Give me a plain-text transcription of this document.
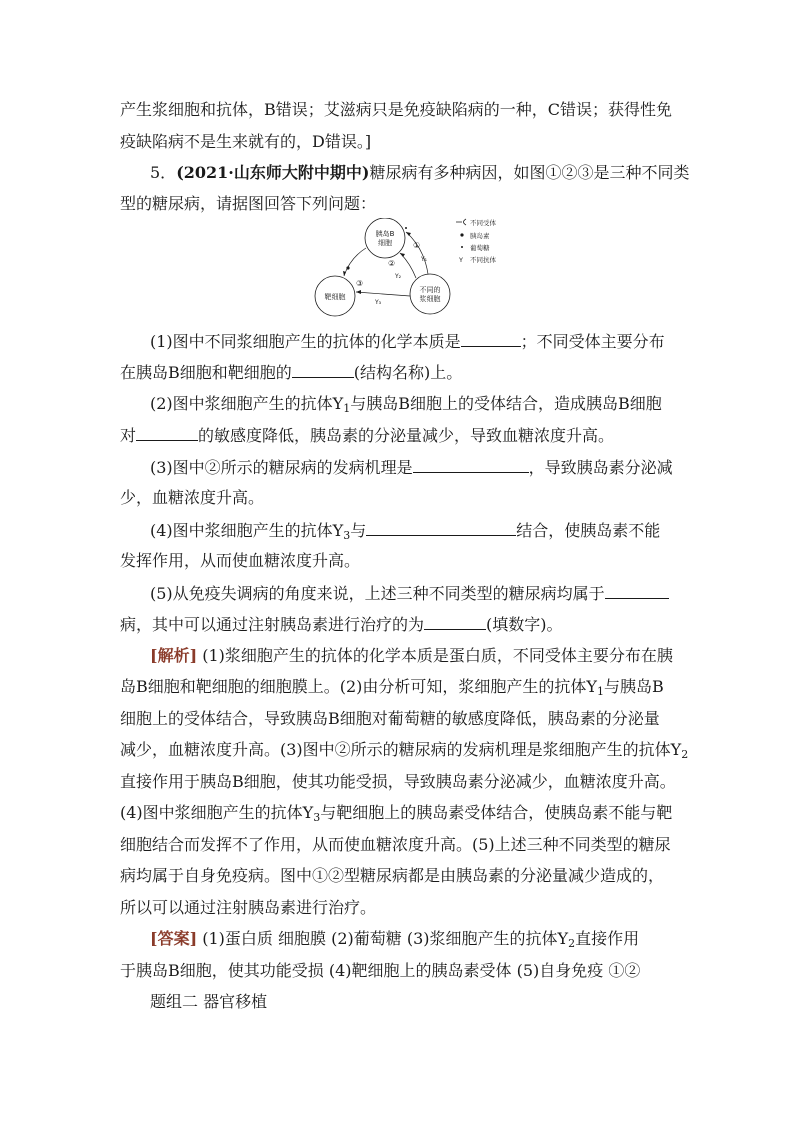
产生浆细胞和抗体，B错误；艾滋病只是免疫缺陷病的一种，C错误；获得性免
疫缺陷病不是生来就有的，D错误。]
5．(2021·山东师大附中期中)糖尿病有多种病因，如图①②③是三种不同类
型的糖尿病，请据图回答下列问题：
胰岛B
细胞
靶细胞
不同的
浆细胞
①
Y₁
②
Y₂
③
Y₃
不同受体
胰岛素
葡萄糖
Y 不同抗体
(1)图中不同浆细胞产生的抗体的化学本质是	；不同受体主要分布
在胰岛B细胞和靶细胞的	(结构名称)上。
(2)图中浆细胞产生的抗体$Y_1$与胰岛B细胞上的受体结合，造成胰岛B细胞
对	的敏感度降低，胰岛素的分泌量减少，导致血糖浓度升高。
(3)图中②所示的糖尿病的发病机理是	，导致胰岛素分泌减
少，血糖浓度升高。
(4)图中浆细胞产生的抗体$Y_3$与	结合，使胰岛素不能
发挥作用，从而使血糖浓度升高。
(5)从免疫失调病的角度来说，上述三种不同类型的糖尿病均属于
病，其中可以通过注射胰岛素进行治疗的为	(填数字)。
[解析] (1)浆细胞产生的抗体的化学本质是蛋白质，不同受体主要分布在胰
岛B细胞和靶细胞的细胞膜上。(2)由分析可知，浆细胞产生的抗体$Y_1$与胰岛B
细胞上的受体结合，导致胰岛B细胞对葡萄糖的敏感度降低，胰岛素的分泌量
减少，血糖浓度升高。(3)图中②所示的糖尿病的发病机理是浆细胞产生的抗体$Y_2$
直接作用于胰岛B细胞，使其功能受损，导致胰岛素分泌减少，血糖浓度升高。
(4)图中浆细胞产生的抗体$Y_3$与靶细胞上的胰岛素受体结合，使胰岛素不能与靶
细胞结合而发挥不了作用，从而使血糖浓度升高。(5)上述三种不同类型的糖尿
病均属于自身免疫病。图中①②型糖尿病都是由胰岛素的分泌量减少造成的，
所以可以通过注射胰岛素进行治疗。
[答案] (1)蛋白质 细胞膜 (2)葡萄糖 (3)浆细胞产生的抗体$Y_2$直接作用
于胰岛B细胞，使其功能受损 (4)靶细胞上的胰岛素受体 (5)自身免疫 ①②
题组二 器官移植
